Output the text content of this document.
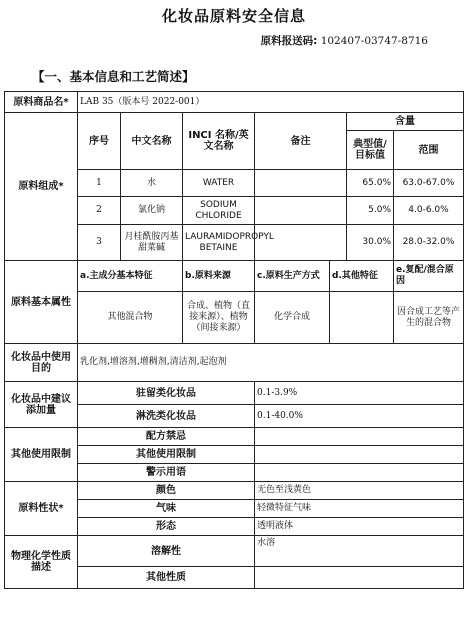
化妆品原料安全信息
原料报送码: 102407-03747-8716
【一、基本信息和工艺简述】
原料商品名*	LAB 35（版本号 2022-001）						
原料组成*	序号	中文名称	INCI 名称/英文名称	备注		含量	
						典型值/目标值	范围
	1	水	WATER			65.0%	63.0-67.0%
	2	氯化钠	SODIUM CHLORIDE			5.0%	4.0-6.0%
	3	月桂酰胺丙基甜菜碱	LAURAMIDOPROPYL BETAINE			30.0%	28.0-32.0%
原料基本属性	a.主成分基本特征		b.原料来源	c.原料生产方式	d.其他特征		e.复配/混合原因
	其他混合物		合成、植物（直接来源）、植物（间接来源）	化学合成			因合成工艺等产生的混合物
化妆品中使用目的	乳化剂,增溶剂,增稠剂,清洁剂,起泡剂						
化妆品中建议添加量	驻留类化妆品			0.1-3.9%			
	淋洗类化妆品			0.1-40.0%			
其他使用限制	配方禁忌						
	其他使用限制						
	警示用语						
原料性状*	颜色			无色至浅黄色			
	气味			轻微特征气味			
	形态			透明液体			
物理化学性质描述	溶解性			水溶			
	其他性质						
